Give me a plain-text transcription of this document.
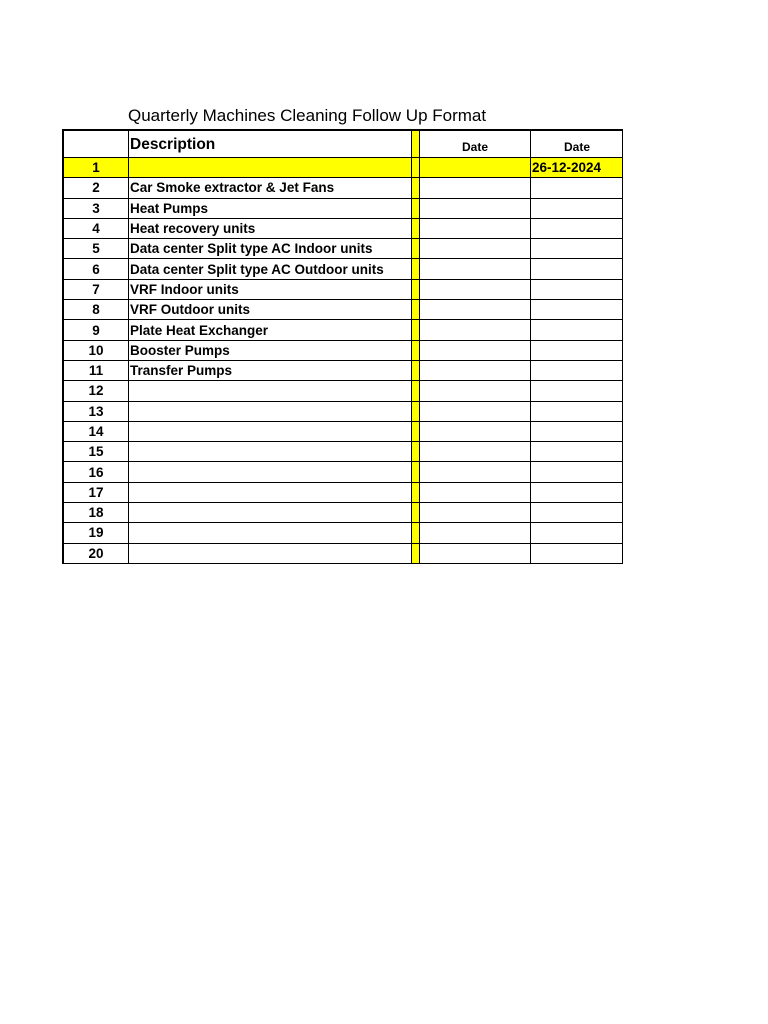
Quarterly Machines Cleaning Follow Up Format
	Description		Date	Date
1				26-12-2024
2	Car Smoke extractor & Jet Fans			
3	Heat Pumps			
4	Heat recovery units			
5	Data center Split type AC Indoor units			
6	Data center Split type AC Outdoor units			
7	VRF Indoor units			
8	VRF Outdoor units			
9	Plate Heat Exchanger			
10	Booster Pumps			
11	Transfer Pumps			
12				
13				
14				
15				
16				
17				
18				
19				
20				
